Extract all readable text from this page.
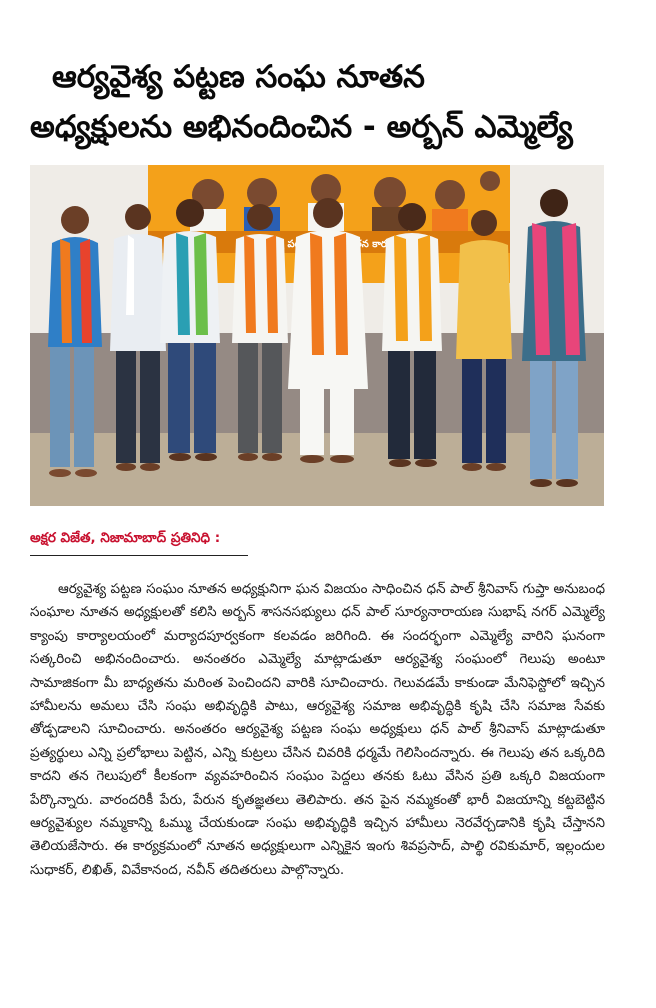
ఆర్యవైశ్య పట్టణ సంఘ నూతన
అధ్యక్షులను అభినందించిన - అర్బన్ ఎమ్మెల్యే
అక్షర విజేత, నిజామాబాద్ ప్రతినిధి :

ఆర్యవైశ్య పట్టణ సంఘం నూతన అధ్యక్షునిగా ఘన విజయం సాధించిన ధన్ పాల్ శ్రీనివాస్ గుప్తా అనుబంధ సంఘాల నూతన అధ్యక్షులతో కలిసి అర్బన్ శాసనసభ్యులు ధన్ పాల్ సూర్యనారాయణ సుభాష్ నగర్ ఎమ్మెల్యే క్యాంపు కార్యాలయంలో మర్యాదపూర్వకంగా కలవడం జరిగింది. ఈ సందర్భంగా ఎమ్మెల్యే వారిని ఘనంగా సత్కరించి అభినందించారు. అనంతరం ఎమ్మెల్యే మాట్లాడుతూ ఆర్యవైశ్య సంఘంలో గెలుపు అంటూ సామాజికంగా మీ బాధ్యతను మరింత పెంచిందని వారికి సూచించారు. గెలువడమే కాకుండా మేనిఫెస్టోలో ఇచ్చిన హామీలను అమలు చేసి సంఘ అభివృద్ధికి పాటు, ఆర్యవైశ్య సమాజ అభివృద్ధికి కృషి చేసి సమాజ సేవకు తోడ్పడాలని సూచించారు. అనంతరం ఆర్యవైశ్య పట్టణ సంఘ అధ్యక్షులు ధన్ పాల్ శ్రీనివాస్ మాట్లాడుతూ ప్రత్యర్థులు ఎన్ని ప్రలోభాలు పెట్టిన, ఎన్ని కుట్రలు చేసిన చివరికి ధర్మమే గెలిసిందన్నారు. ఈ గెలుపు తన ఒక్కరిది కాదని తన గెలుపులో కీలకంగా వ్యవహరించిన సంఘం పెద్దలు తనకు ఓటు వేసిన ప్రతి ఒక్కరి విజయంగా పేర్కొన్నారు. వారందరికీ పేరు, పేరున కృతజ్ఞతలు తెలిపారు. తన పైన నమ్మకంతో భారీ విజయాన్ని కట్టబెట్టిన ఆర్యవైశ్యుల నమ్మకాన్ని ఓమ్ము చేయకుండా సంఘ అభివృద్ధికి ఇచ్చిన హామీలు నెరవేర్చడానికి కృషి చేస్తానని తెలియజేసారు. ఈ కార్యక్రమంలో నూతన అధ్యక్షులుగా ఎన్నికైన ఇంగు శివప్రసాద్, పాల్థి రవికుమార్, ఇల్లందుల సుధాకర్, లిఖిత్, వివేకానంద, నవీన్ తదితరులు పాల్గొన్నారు.
